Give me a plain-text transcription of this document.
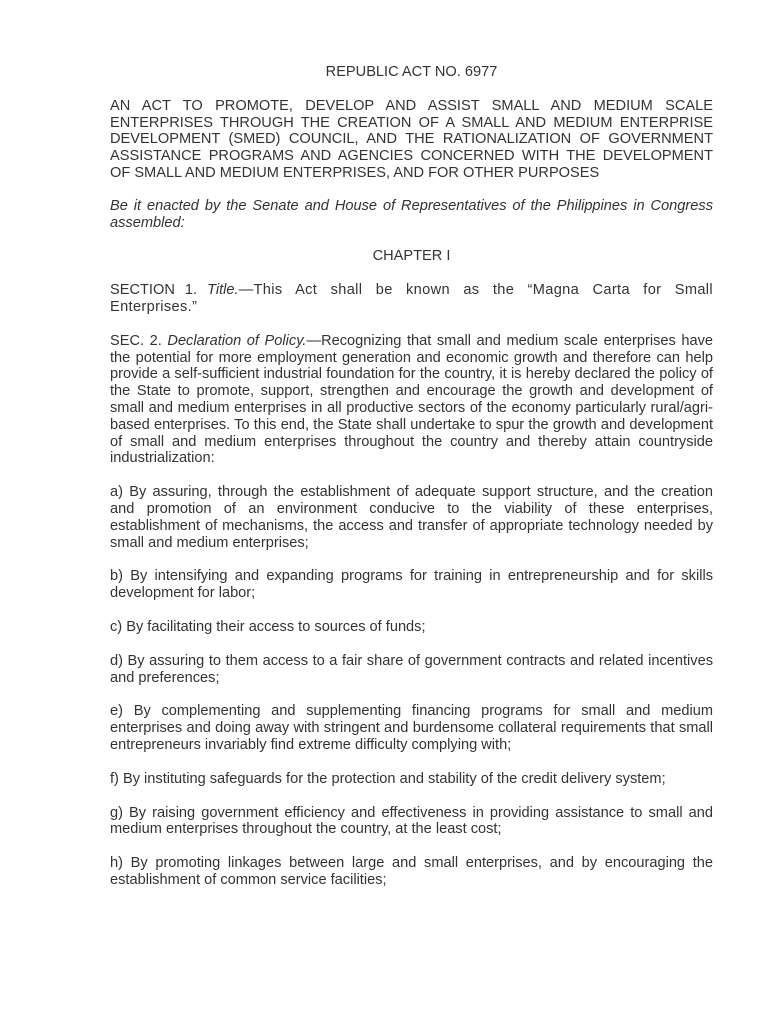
REPUBLIC ACT NO. 6977
AN ACT TO PROMOTE, DEVELOP AND ASSIST SMALL AND MEDIUM SCALE ENTERPRISES THROUGH THE CREATION OF A SMALL AND MEDIUM ENTERPRISE DEVELOPMENT (SMED) COUNCIL, AND THE RATIONALIZATION OF GOVERNMENT ASSISTANCE PROGRAMS AND AGENCIES CONCERNED WITH THE DEVELOPMENT OF SMALL AND MEDIUM ENTERPRISES, AND FOR OTHER PURPOSES
Be it enacted by the Senate and House of Representatives of the Philippines in Congress assembled:
CHAPTER I
SECTION 1. Title.—This Act shall be known as the “Magna Carta for Small Enterprises.”
SEC. 2. Declaration of Policy.—Recognizing that small and medium scale enterprises have the potential for more employment generation and economic growth and therefore can help provide a self-sufficient industrial foundation for the country, it is hereby declared the policy of the State to promote, support, strengthen and encourage the growth and development of small and medium enterprises in all productive sectors of the economy particularly rural/agri-based enterprises. To this end, the State shall undertake to spur the growth and development of small and medium enterprises throughout the country and thereby attain countryside industrialization:
a) By assuring, through the establishment of adequate support structure, and the creation and promotion of an environment conducive to the viability of these enterprises, establishment of mechanisms, the access and transfer of appropriate technology needed by small and medium enterprises;
b) By intensifying and expanding programs for training in entrepreneurship and for skills development for labor;
c) By facilitating their access to sources of funds;
d) By assuring to them access to a fair share of government contracts and related incentives and preferences;
e) By complementing and supplementing financing programs for small and medium enterprises and doing away with stringent and burdensome collateral requirements that small entrepreneurs invariably find extreme difficulty complying with;
f) By instituting safeguards for the protection and stability of the credit delivery system;
g) By raising government efficiency and effectiveness in providing assistance to small and medium enterprises throughout the country, at the least cost;
h) By promoting linkages between large and small enterprises, and by encouraging the establishment of common service facilities;
